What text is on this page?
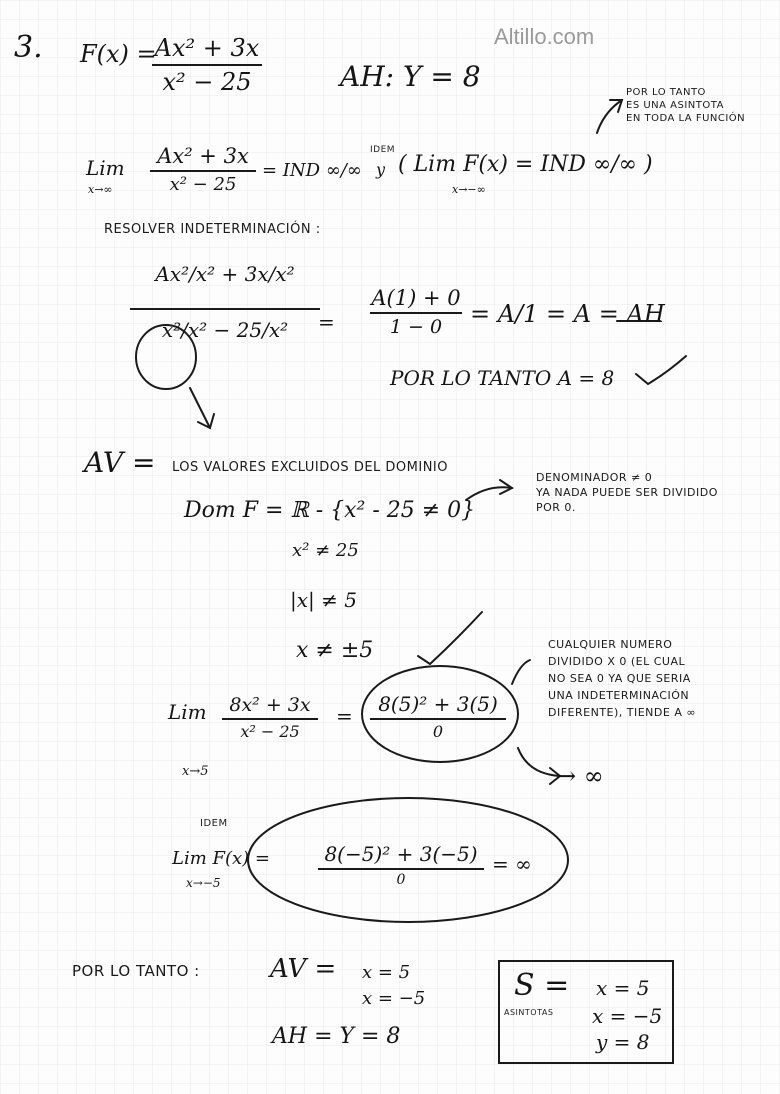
Altillo.com
3. F(x) =
Ax² + 3x
x² − 25	AH: Y = 8	POR LO TANTO
ES UNA ASINTOTA
EN TODA LA FUNCIÓN
Lim
x→∞
Ax² + 3x
x² − 25
= IND ∞/∞
IDEM
y ( Lim F(x) = IND ∞/∞ )
x→−∞
RESOLVER INDETERMINACIÓN :
Ax²/x² + 3x/x²
x²/x² − 25/x²	=
A(1) + 0
1 − 0	= A/1 = A = AH
POR LO TANTO A = 8
AV = LOS VALORES EXCLUIDOS DEL DOMINIO
Dom F = ℝ - {x² - 25 ≠ 0}
x² ≠ 25
|x| ≠ 5
x ≠ ±5
DENOMINADOR ≠ 0
YA NADA PUEDE SER DIVIDIDO
POR 0.
Lim
x→5
8x² + 3x
x² − 25
=	8(5)² + 3(5)
0
→ ∞
CUALQUIER NUMERO
DIVIDIDO X 0 (EL CUAL
NO SEA 0 YA QUE SERIA
UNA INDETERMINACIÓN
DIFERENTE), TIENDE A ∞
IDEM
Lim F(x) =
x→−5
8(−5)² + 3(−5)
0
= ∞
POR LO TANTO :	AV = x = 5
x = −5
AH = Y = 8
S =
ASINTOTAS
x = 5
x = −5
y = 8
